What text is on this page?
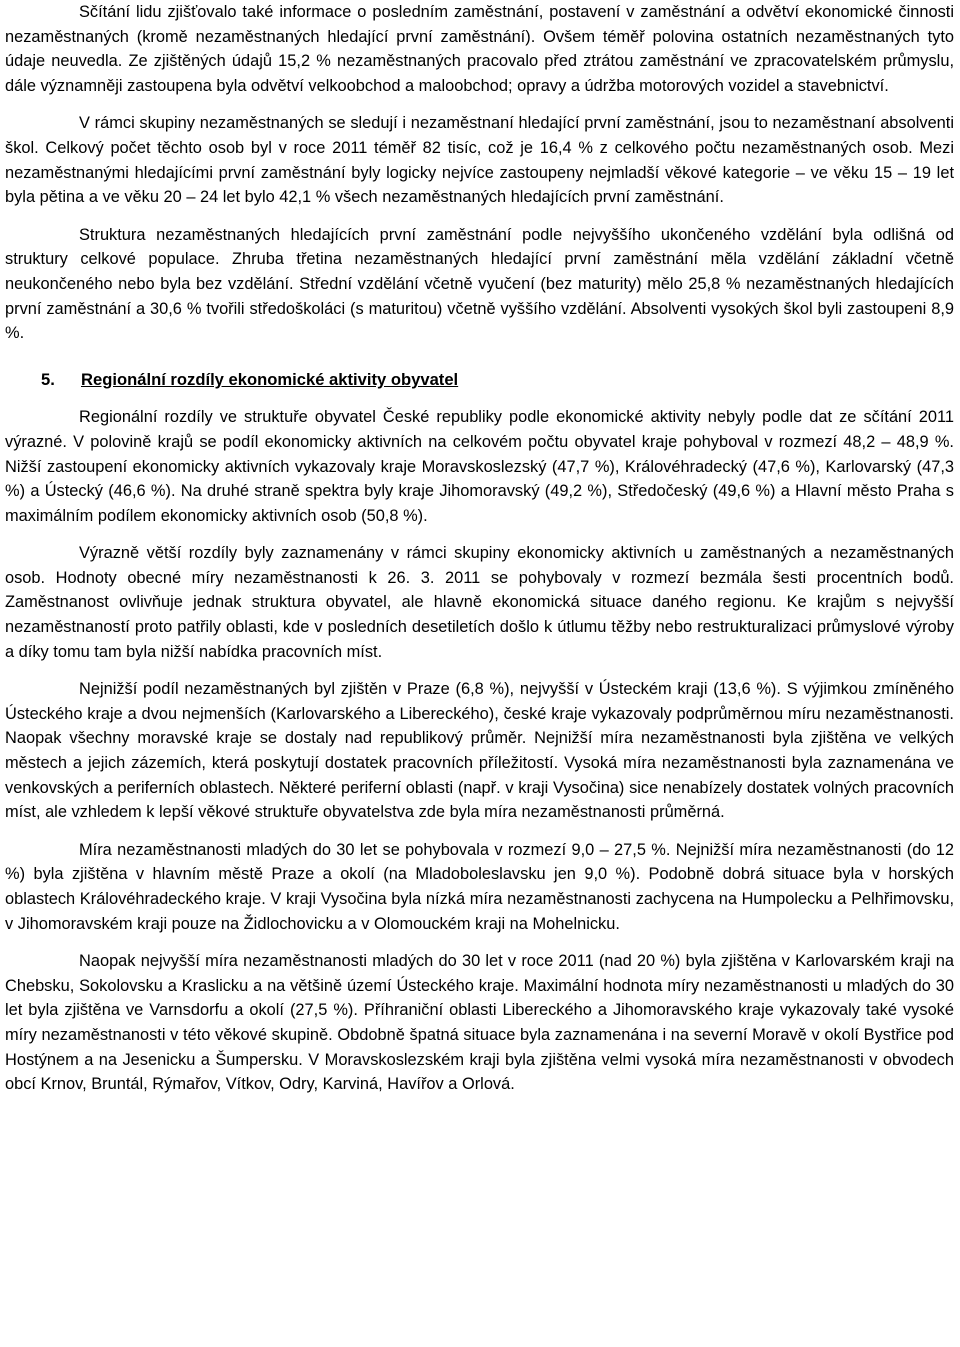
Sčítání lidu zjišťovalo také informace o posledním zaměstnání, postavení v zaměstnání a odvětví ekonomické činnosti nezaměstnaných (kromě nezaměstnaných hledající první zaměstnání). Ovšem téměř polovina ostatních nezaměstnaných tyto údaje neuvedla. Ze zjištěných údajů 15,2 % nezaměstnaných pracovalo před ztrátou zaměstnání ve zpracovatelském průmyslu, dále významněji zastoupena byla odvětví velkoobchod a maloobchod; opravy a údržba motorových vozidel a stavebnictví.

V rámci skupiny nezaměstnaných se sledují i nezaměstnaní hledající první zaměstnání, jsou to nezaměstnaní absolventi škol. Celkový počet těchto osob byl v roce 2011 téměř 82 tisíc, což je 16,4 % z celkového počtu nezaměstnaných osob. Mezi nezaměstnanými hledajícími první zaměstnání byly logicky nejvíce zastoupeny nejmladší věkové kategorie – ve věku 15 – 19 let byla pětina a ve věku 20 – 24 let bylo 42,1 % všech nezaměstnaných hledajících první zaměstnání.

Struktura nezaměstnaných hledajících první zaměstnání podle nejvyššího ukončeného vzdělání byla odlišná od struktury celkové populace. Zhruba třetina nezaměstnaných hledající první zaměstnání měla vzdělání základní včetně neukončeného nebo byla bez vzdělání. Střední vzdělání včetně vyučení (bez maturity) mělo 25,8 % nezaměstnaných hledajících první zaměstnání a 30,6 % tvořili středoškoláci (s maturitou) včetně vyššího vzdělání. Absolventi vysokých škol byli zastoupeni 8,9 %.

5. Regionální rozdíly ekonomické aktivity obyvatel

Regionální rozdíly ve struktuře obyvatel České republiky podle ekonomické aktivity nebyly podle dat ze sčítání 2011 výrazné. V polovině krajů se podíl ekonomicky aktivních na celkovém počtu obyvatel kraje pohyboval v rozmezí 48,2 – 48,9 %. Nižší zastoupení ekonomicky aktivních vykazovaly kraje Moravskoslezský (47,7 %), Královéhradecký (47,6 %), Karlovarský (47,3 %) a Ústecký (46,6 %). Na druhé straně spektra byly kraje Jihomoravský (49,2 %), Středočeský (49,6 %) a Hlavní město Praha s maximálním podílem ekonomicky aktivních osob (50,8 %).

Výrazně větší rozdíly byly zaznamenány v rámci skupiny ekonomicky aktivních u zaměstnaných a nezaměstnaných osob. Hodnoty obecné míry nezaměstnanosti k 26. 3. 2011 se pohybovaly v rozmezí bezmála šesti procentních bodů. Zaměstnanost ovlivňuje jednak struktura obyvatel, ale hlavně ekonomická situace daného regionu. Ke krajům s nejvyšší nezaměstnaností proto patřily oblasti, kde v posledních desetiletích došlo k útlumu těžby nebo restrukturalizaci průmyslové výroby a díky tomu tam byla nižší nabídka pracovních míst.

Nejnižší podíl nezaměstnaných byl zjištěn v Praze (6,8 %), nejvyšší v Ústeckém kraji (13,6 %). S výjimkou zmíněného Ústeckého kraje a dvou nejmenších (Karlovarského a Libereckého), české kraje vykazovaly podprůměrnou míru nezaměstnanosti. Naopak všechny moravské kraje se dostaly nad republikový průměr. Nejnižší míra nezaměstnanosti byla zjištěna ve velkých městech a jejich zázemích, která poskytují dostatek pracovních příležitostí. Vysoká míra nezaměstnanosti byla zaznamenána ve venkovských a periferních oblastech. Některé periferní oblasti (např. v kraji Vysočina) sice nenabízely dostatek volných pracovních míst, ale vzhledem k lepší věkové struktuře obyvatelstva zde byla míra nezaměstnanosti průměrná.

Míra nezaměstnanosti mladých do 30 let se pohybovala v rozmezí 9,0 – 27,5 %. Nejnižší míra nezaměstnanosti (do 12 %) byla zjištěna v hlavním městě Praze a okolí (na Mladoboleslavsku jen 9,0 %). Podobně dobrá situace byla v horských oblastech Královéhradeckého kraje. V kraji Vysočina byla nízká míra nezaměstnanosti zachycena na Humpolecku a Pelhřimovsku, v Jihomoravském kraji pouze na Židlochovicku a v Olomouckém kraji na Mohelnicku.

Naopak nejvyšší míra nezaměstnanosti mladých do 30 let v roce 2011 (nad 20 %) byla zjištěna v Karlovarském kraji na Chebsku, Sokolovsku a Kraslicku a na většině území Ústeckého kraje. Maximální hodnota míry nezaměstnanosti u mladých do 30 let byla zjištěna ve Varnsdorfu a okolí (27,5 %). Příhraniční oblasti Libereckého a Jihomoravského kraje vykazovaly také vysoké míry nezaměstnanosti v této věkové skupině. Obdobně špatná situace byla zaznamenána i na severní Moravě v okolí Bystřice pod Hostýnem a na Jesenicku a Šumpersku. V Moravskoslezském kraji byla zjištěna velmi vysoká míra nezaměstnanosti v obvodech obcí Krnov, Bruntál, Rýmařov, Vítkov, Odry, Karviná, Havířov a Orlová.
